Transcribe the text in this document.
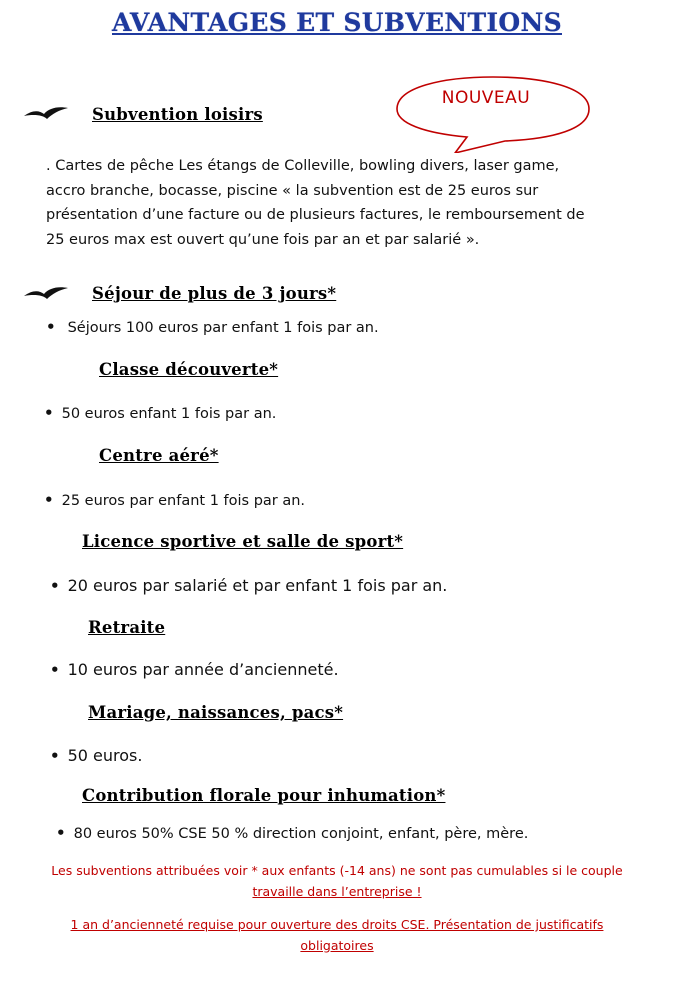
AVANTAGES ET SUBVENTIONS
NOUVEAU
Subvention loisirs
. Cartes de pêche Les étangs de Colleville, bowling divers, laser game,
accro branche, bocasse, piscine « la subvention est de 25 euros sur
présentation d’une facture ou de plusieurs factures, le remboursement de
25 euros max est ouvert qu’une fois par an et par salarié ».
Séjour de plus de 3 jours*
• Séjours 100 euros par enfant 1 fois par an.
Classe découverte*
• 50 euros enfant 1 fois par an.
Centre aéré*
• 25 euros par enfant 1 fois par an.
Licence sportive et salle de sport*
• 20 euros par salarié et par enfant 1 fois par an.
Retraite
• 10 euros par année d’ancienneté.
Mariage, naissances, pacs*
• 50 euros.
Contribution florale pour inhumation*
• 80 euros 50% CSE 50 % direction conjoint, enfant, père, mère.
Les subventions attribuées voir * aux enfants (-14 ans) ne sont pas cumulables si le couple
travaille dans l’entreprise !
1 an d’ancienneté requise pour ouverture des droits CSE. Présentation de justificatifs
obligatoires
